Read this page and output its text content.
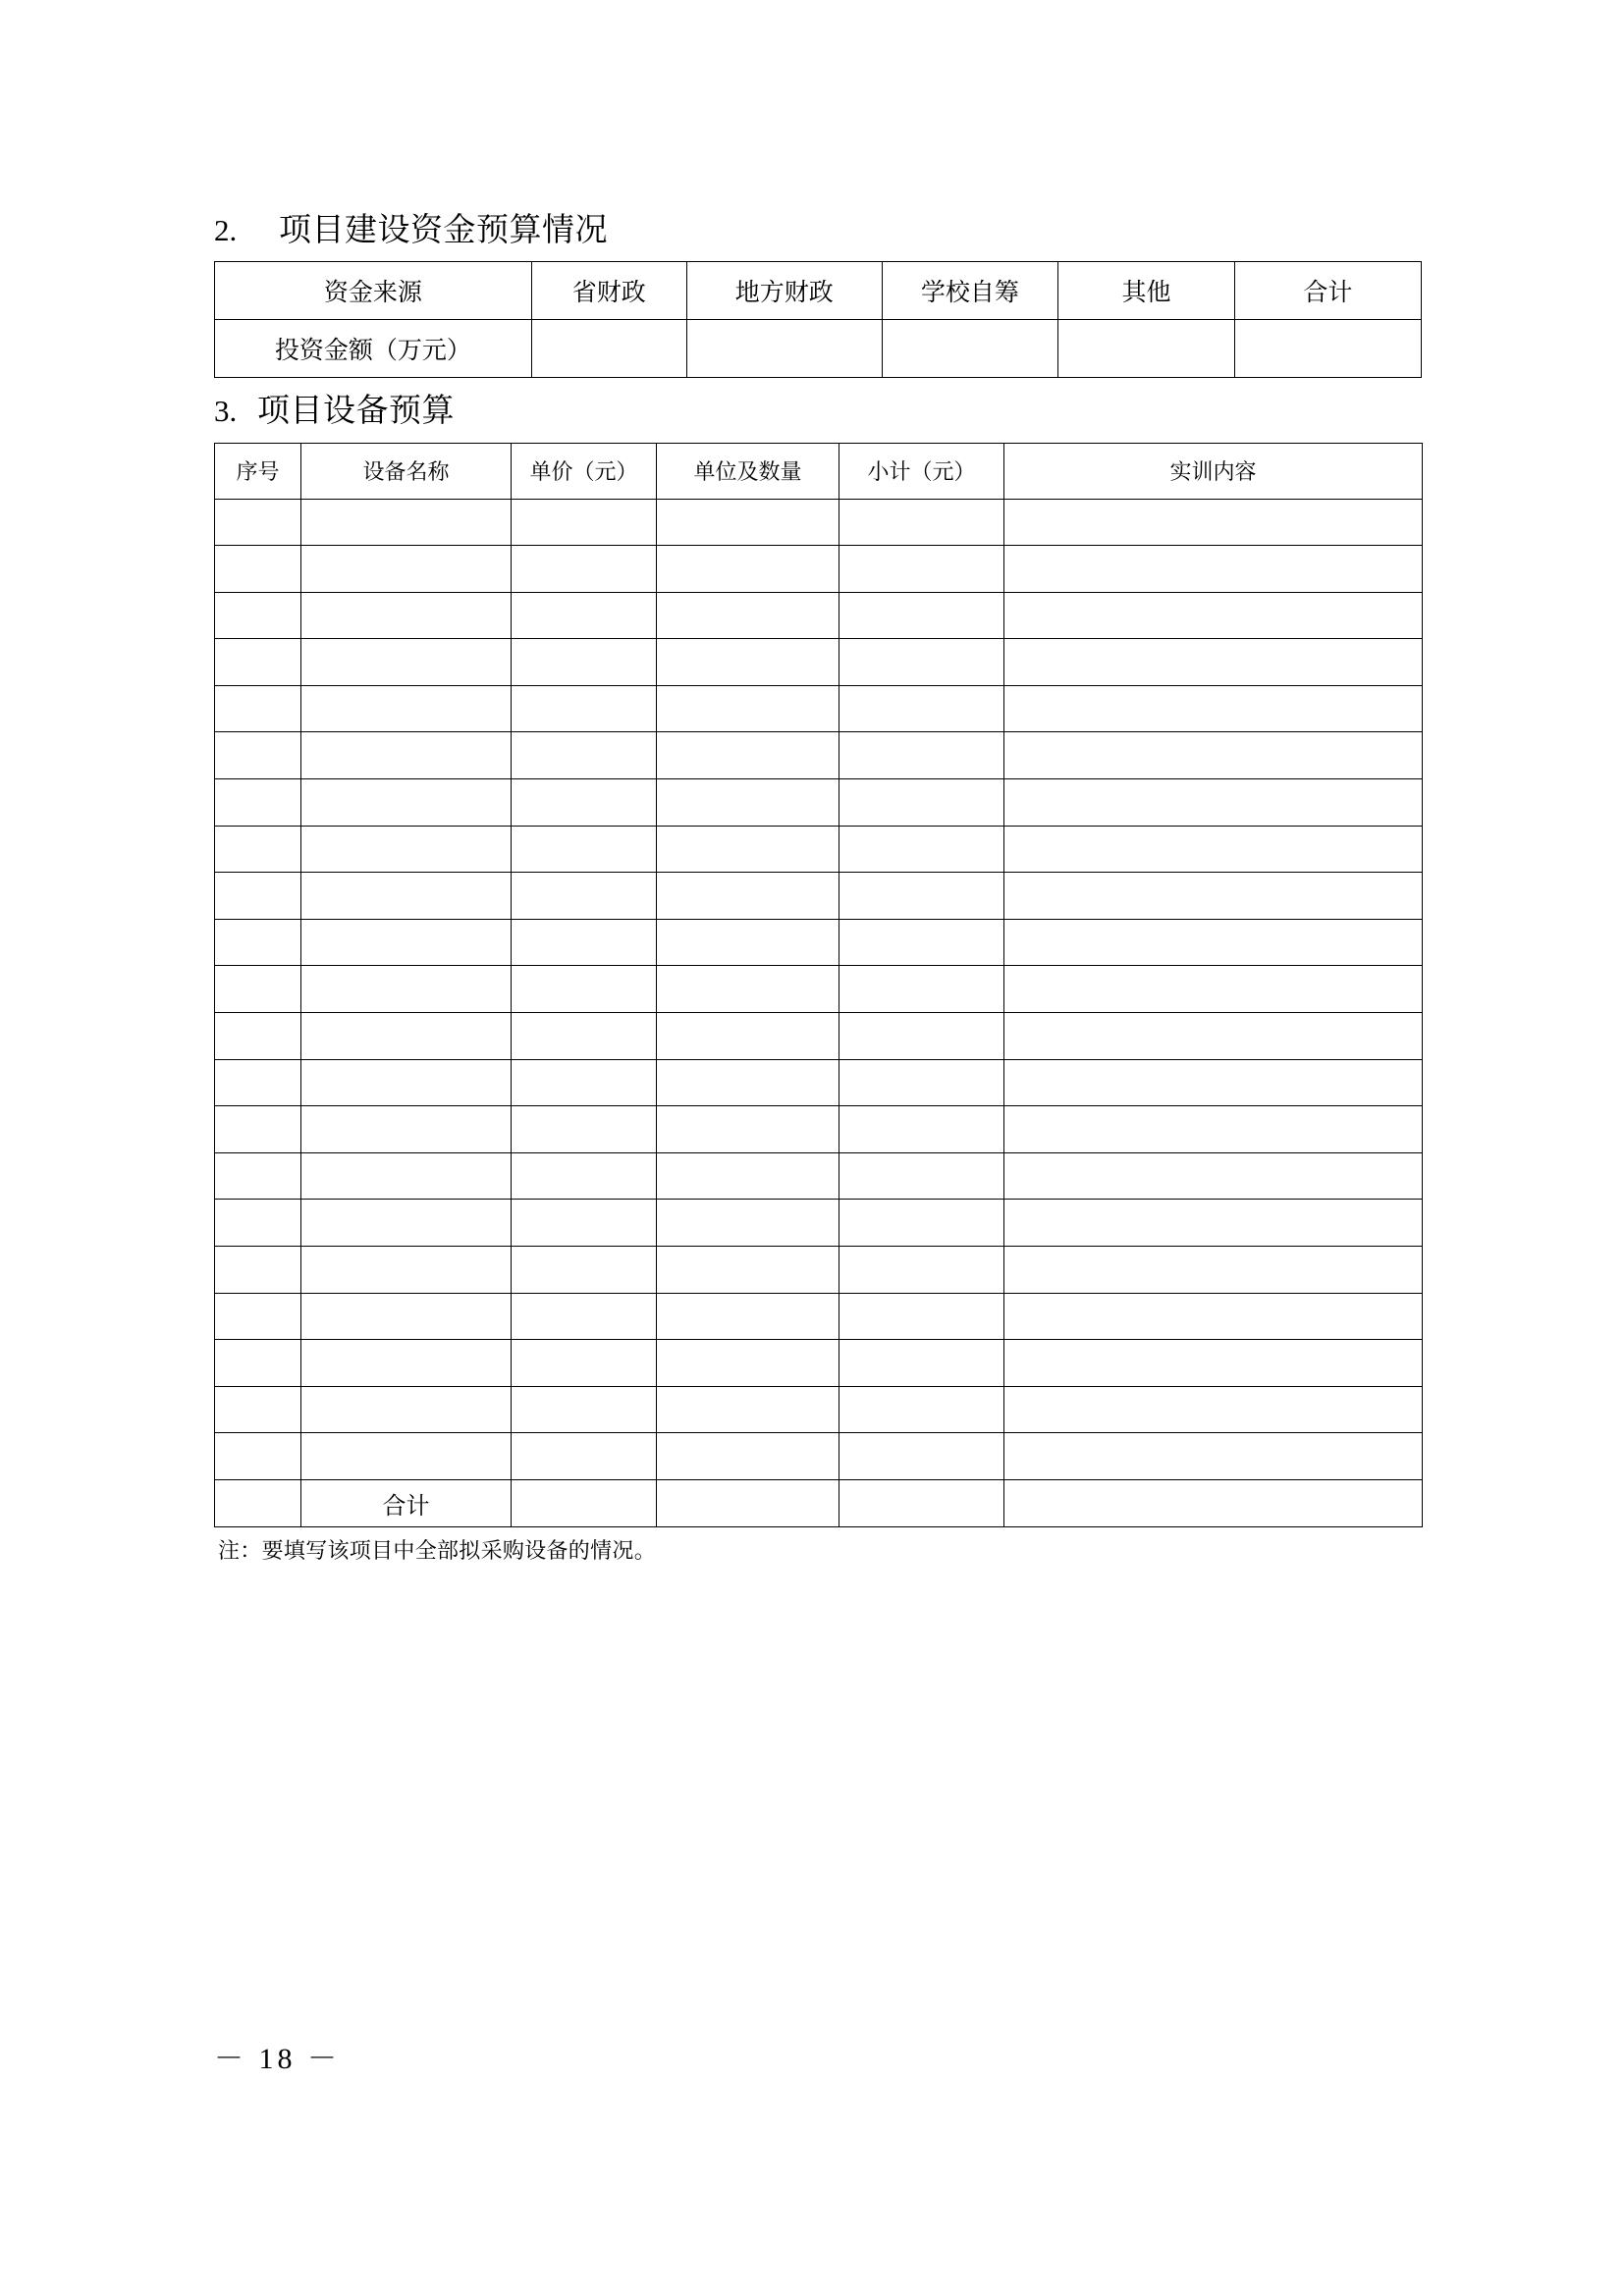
2. 项目建设资金预算情况
资金来源	省财政	地方财政	学校自筹	其他	合计
投资金额（万元）					
3. 项目设备预算
序号	设备名称	单价（元）	单位及数量	小计（元）	实训内容

	合计				
注：要填写该项目中全部拟采购设备的情况。
－ 18 －
